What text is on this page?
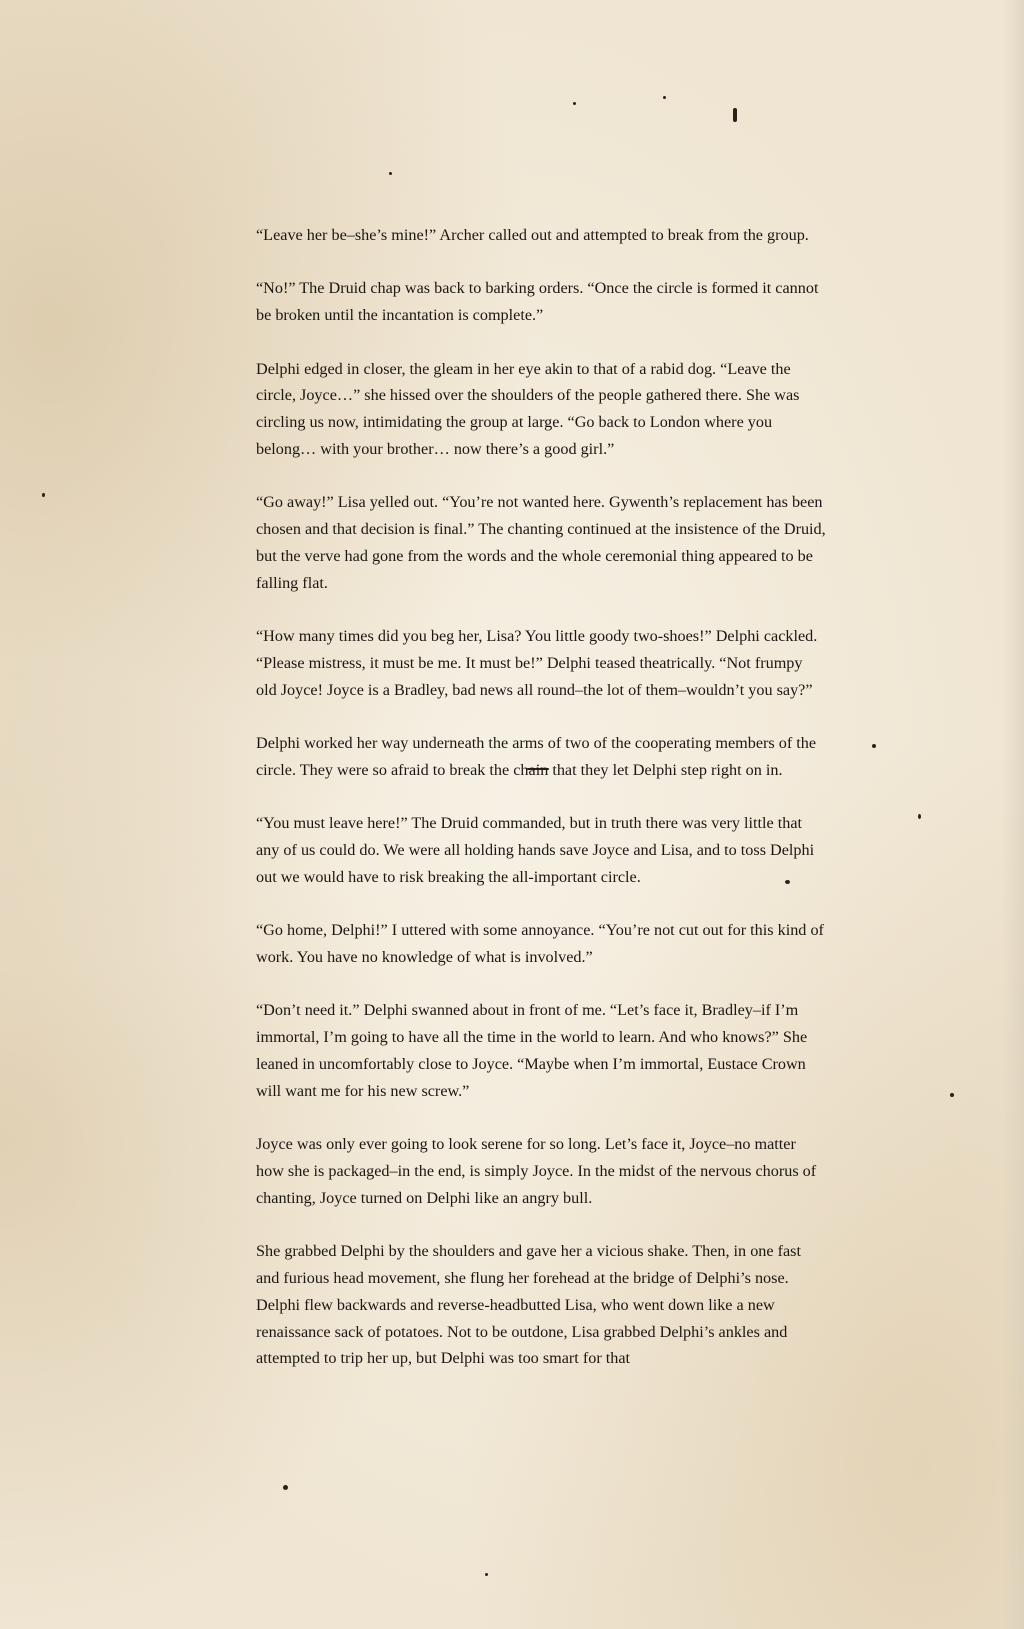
“Leave her be–she’s mine!” Archer called out and attempted to break from the group.

“No!” The Druid chap was back to barking orders. “Once the circle is formed it cannot be broken until the incantation is complete.”

Delphi edged in closer, the gleam in her eye akin to that of a rabid dog. “Leave the circle, Joyce…” she hissed over the shoulders of the people gathered there. She was circling us now, intimidating the group at large. “Go back to London where you belong… with your brother… now there’s a good girl.”

“Go away!” Lisa yelled out. “You’re not wanted here. Gywenth’s replacement has been chosen and that decision is final.” The chanting continued at the insistence of the Druid, but the verve had gone from the words and the whole ceremonial thing appeared to be falling flat.

“How many times did you beg her, Lisa? You little goody two-shoes!” Delphi cackled. “Please mistress, it must be me. It must be!” Delphi teased theatrically. “Not frumpy old Joyce! Joyce is a Bradley, bad news all round–the lot of them–wouldn’t you say?”

Delphi worked her way underneath the arms of two of the cooperating members of the circle. They were so afraid to break the chain that they let Delphi step right on in.

“You must leave here!” The Druid commanded, but in truth there was very little that any of us could do. We were all holding hands save Joyce and Lisa, and to toss Delphi out we would have to risk breaking the all-important circle.

“Go home, Delphi!” I uttered with some annoyance. “You’re not cut out for this kind of work. You have no knowledge of what is involved.”

“Don’t need it.” Delphi swanned about in front of me. “Let’s face it, Bradley–if I’m immortal, I’m going to have all the time in the world to learn. And who knows?” She leaned in uncomfortably close to Joyce. “Maybe when I’m immortal, Eustace Crown will want me for his new screw.”

Joyce was only ever going to look serene for so long. Let’s face it, Joyce–no matter how she is packaged–in the end, is simply Joyce. In the midst of the nervous chorus of chanting, Joyce turned on Delphi like an angry bull.

She grabbed Delphi by the shoulders and gave her a vicious shake. Then, in one fast and furious head movement, she flung her forehead at the bridge of Delphi’s nose. Delphi flew backwards and reverse-headbutted Lisa, who went down like a new renaissance sack of potatoes. Not to be outdone, Lisa grabbed Delphi’s ankles and attempted to trip her up, but Delphi was too smart for that
